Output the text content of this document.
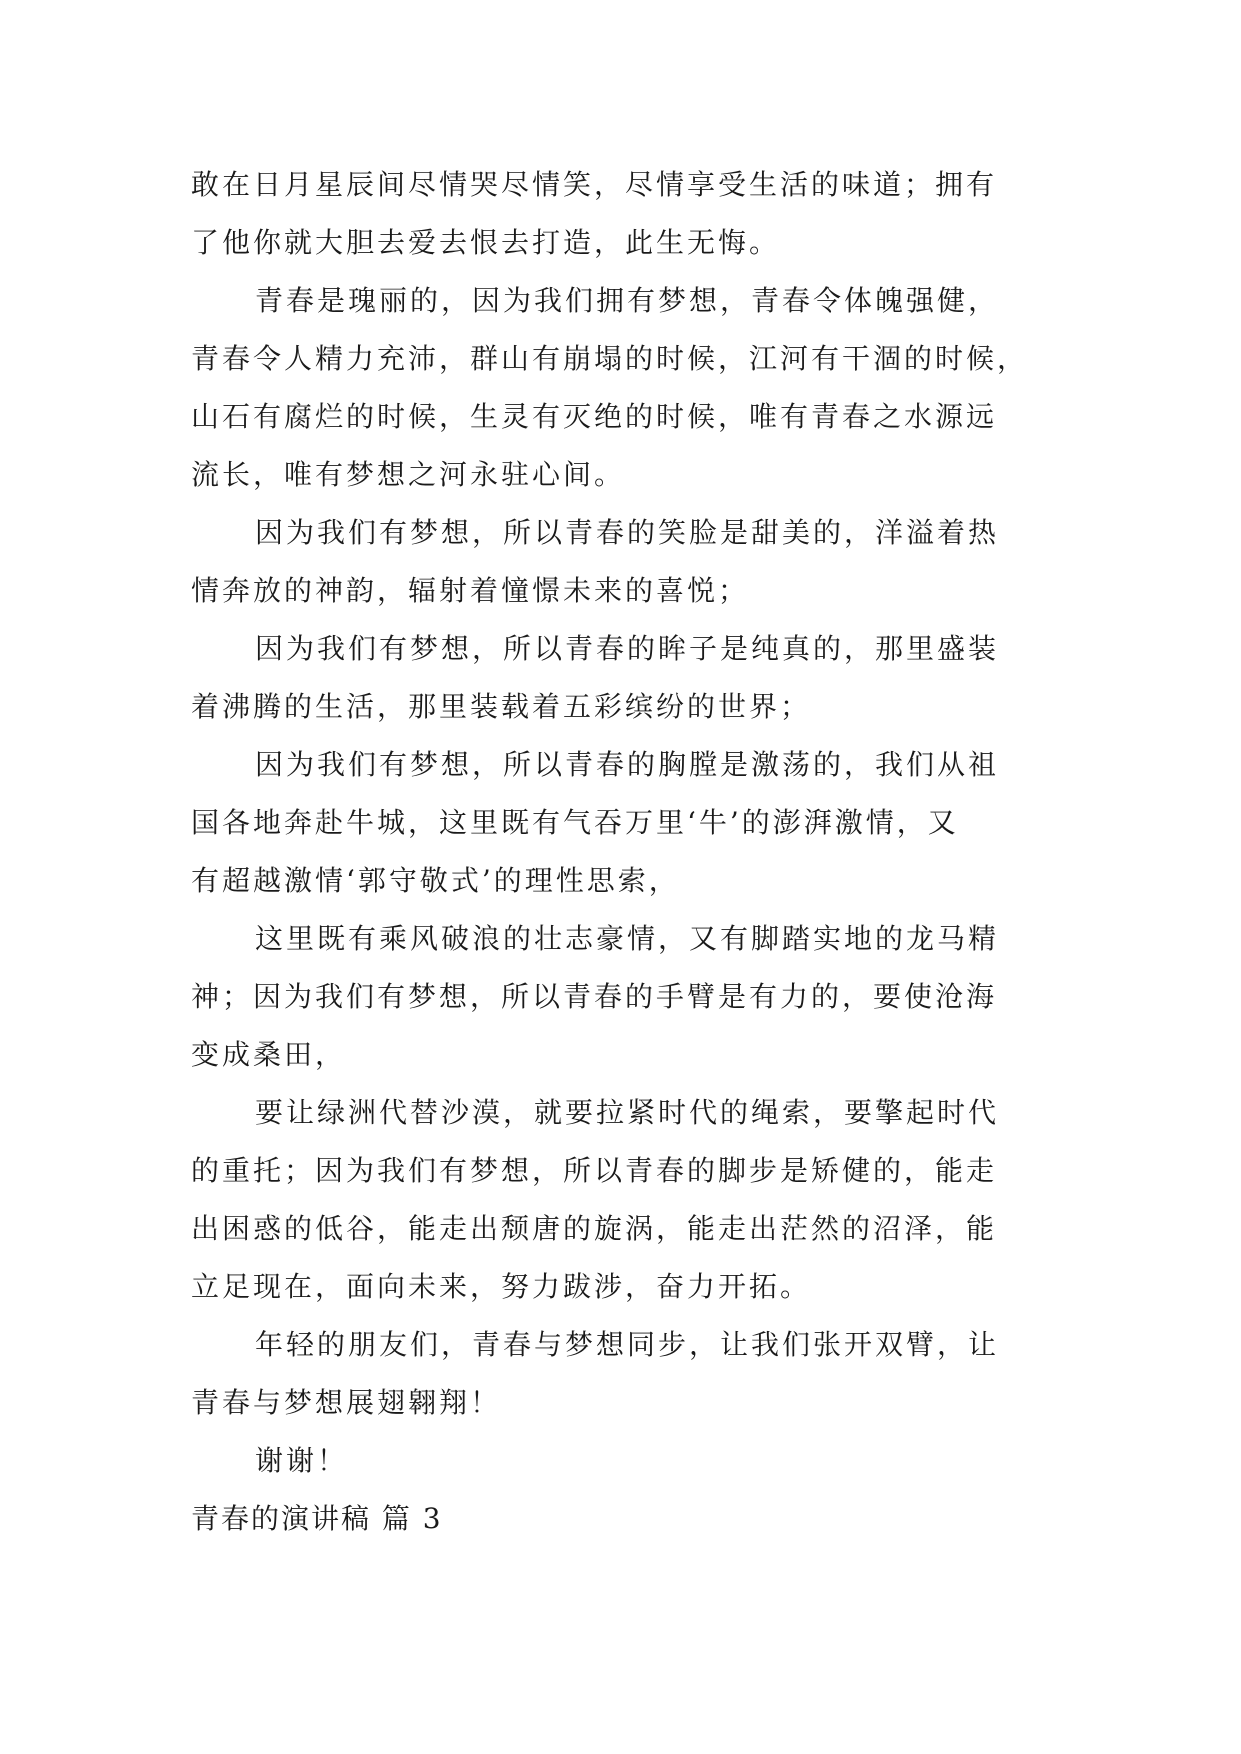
敢在日月星辰间尽情哭尽情笑，尽情享受生活的味道；拥有
了他你就大胆去爱去恨去打造，此生无悔。
青春是瑰丽的，因为我们拥有梦想，青春令体魄强健，
青春令人精力充沛，群山有崩塌的时候，江河有干涸的时候，
山石有腐烂的时候，生灵有灭绝的时候，唯有青春之水源远
流长，唯有梦想之河永驻心间。
因为我们有梦想，所以青春的笑脸是甜美的，洋溢着热
情奔放的神韵，辐射着憧憬未来的喜悦；
因为我们有梦想，所以青春的眸子是纯真的，那里盛装
着沸腾的生活，那里装载着五彩缤纷的世界；
因为我们有梦想，所以青春的胸膛是激荡的，我们从祖
国各地奔赴牛城，这里既有气吞万里‘牛’的澎湃激情，又
有超越激情‘郭守敬式’的理性思索，
这里既有乘风破浪的壮志豪情，又有脚踏实地的龙马精
神；因为我们有梦想，所以青春的手臂是有力的，要使沧海
变成桑田，
要让绿洲代替沙漠，就要拉紧时代的绳索，要擎起时代
的重托；因为我们有梦想，所以青春的脚步是矫健的，能走
出困惑的低谷，能走出颓唐的旋涡，能走出茫然的沼泽，能
立足现在，面向未来，努力跋涉，奋力开拓。
年轻的朋友们，青春与梦想同步，让我们张开双臂，让
青春与梦想展翅翱翔！
谢谢！
青春的演讲稿 篇 3
